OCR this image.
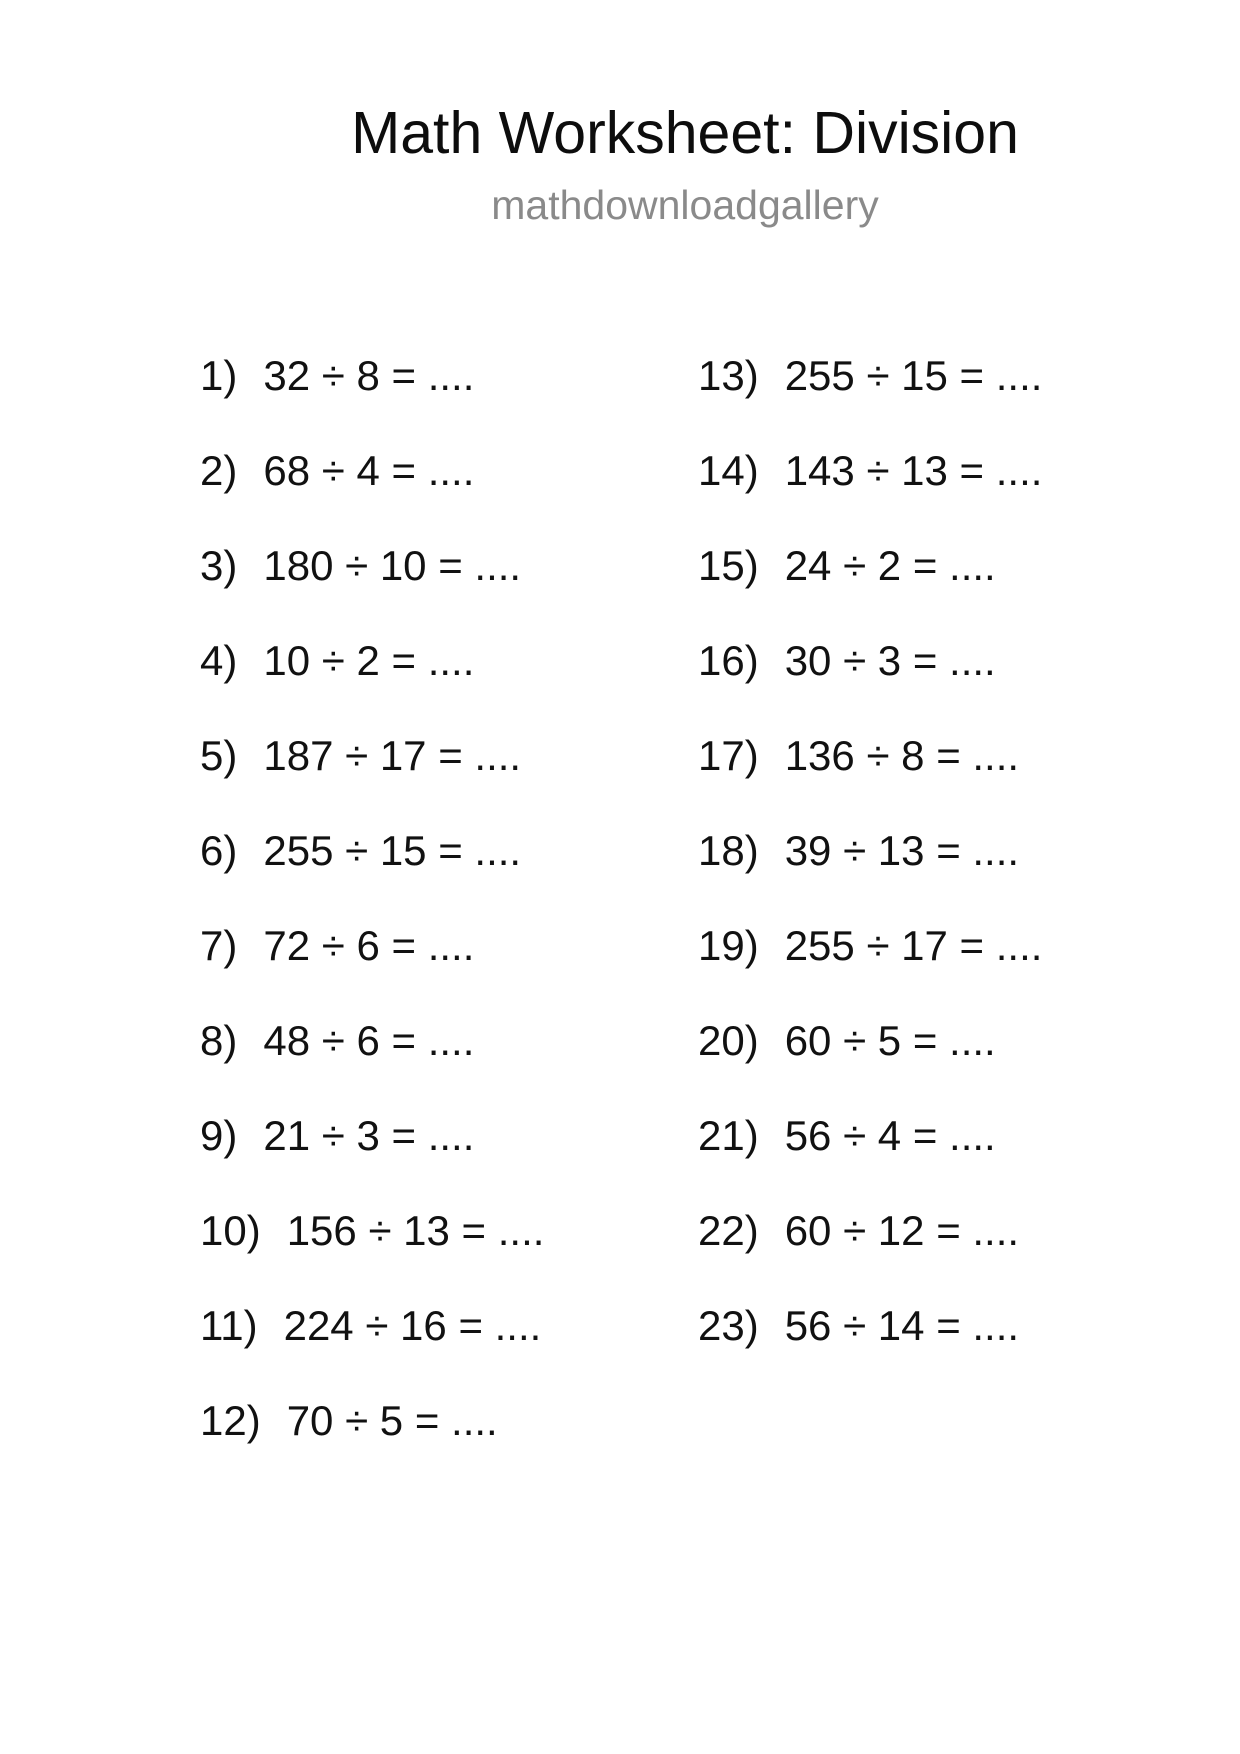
Math Worksheet: Division
mathdownloadgallery
1) 32 ÷ 8 = ....
2) 68 ÷ 4 = ....
3) 180 ÷ 10 = ....
4) 10 ÷ 2 = ....
5) 187 ÷ 17 = ....
6) 255 ÷ 15 = ....
7) 72 ÷ 6 = ....
8) 48 ÷ 6 = ....
9) 21 ÷ 3 = ....
10) 156 ÷ 13 = ....
11) 224 ÷ 16 = ....
12) 70 ÷ 5 = ....
13) 255 ÷ 15 = ....
14) 143 ÷ 13 = ....
15) 24 ÷ 2 = ....
16) 30 ÷ 3 = ....
17) 136 ÷ 8 = ....
18) 39 ÷ 13 = ....
19) 255 ÷ 17 = ....
20) 60 ÷ 5 = ....
21) 56 ÷ 4 = ....
22) 60 ÷ 12 = ....
23) 56 ÷ 14 = ....
